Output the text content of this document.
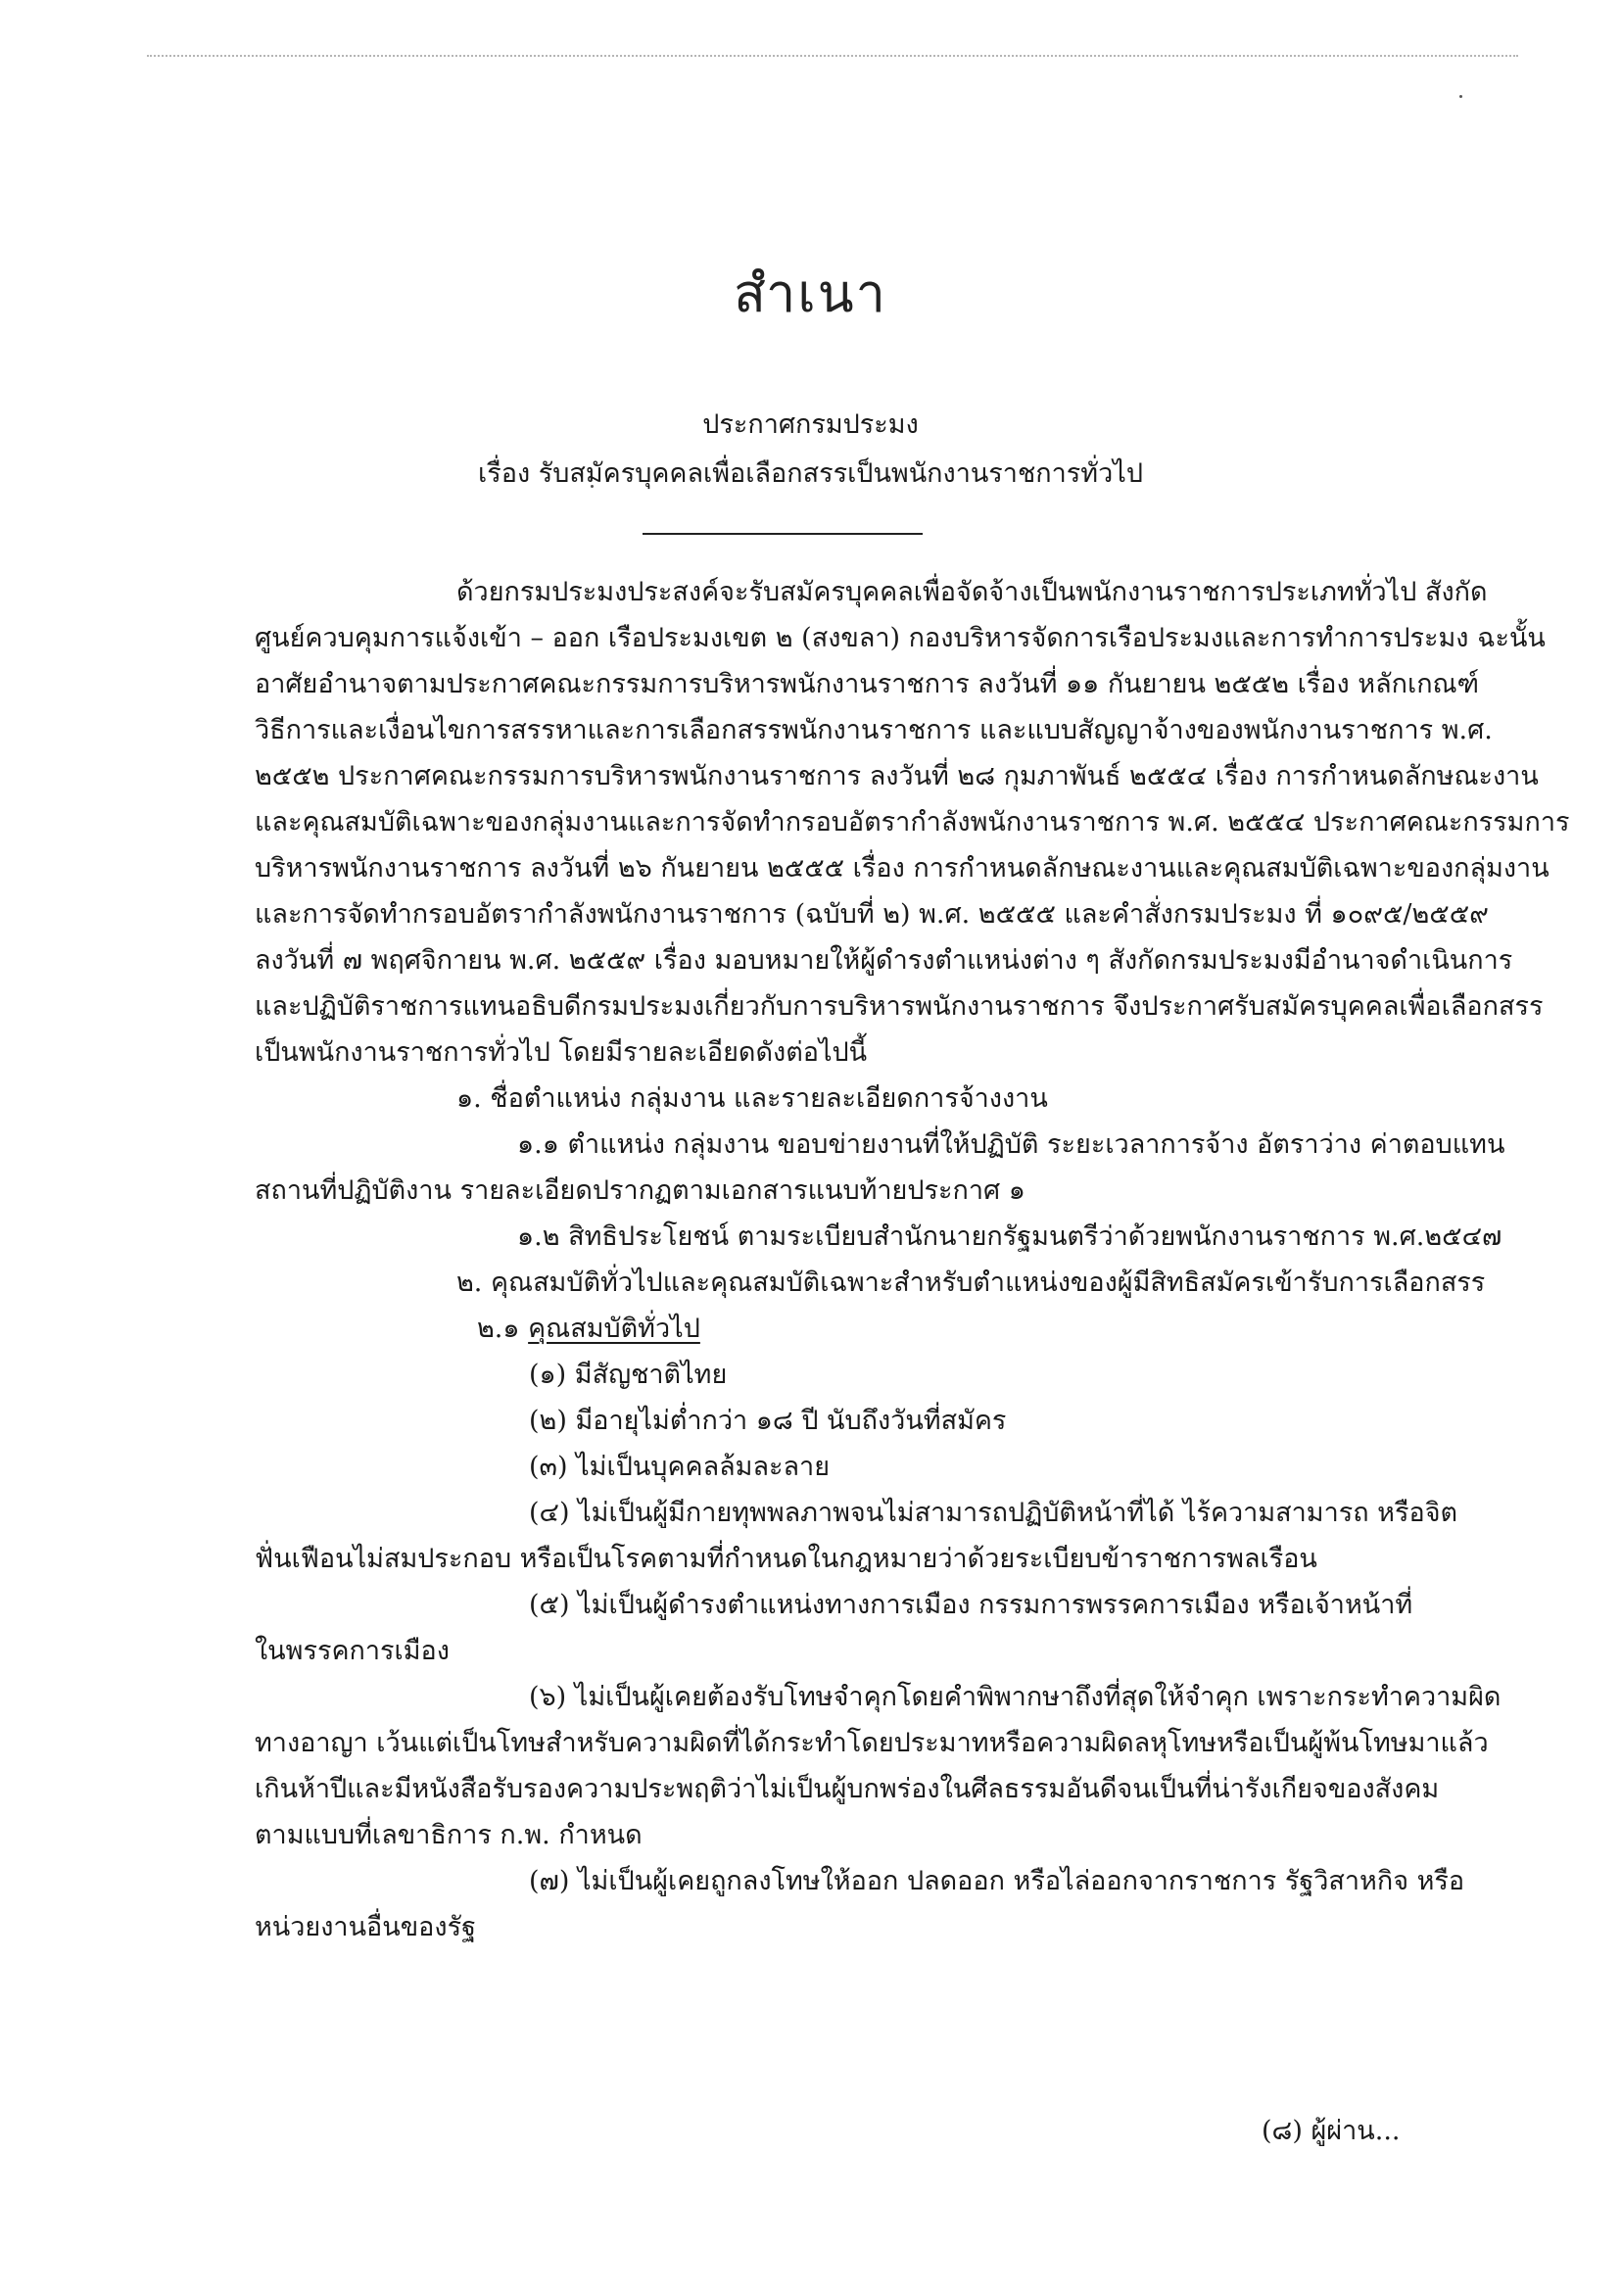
สำเนา
ประกาศกรมประมง
เรื่อง รับสมัครบุคคลเพื่อเลือกสรรเป็นพนักงานราชการทั่วไป
ด้วยกรมประมงประสงค์จะรับสมัครบุคคลเพื่อจัดจ้างเป็นพนักงานราชการประเภททั่วไป สังกัด
ศูนย์ควบคุมการแจ้งเข้า – ออก เรือประมงเขต ๒ (สงขลา) กองบริหารจัดการเรือประมงและการทำการประมง ฉะนั้น
อาศัยอำนาจตามประกาศคณะกรรมการบริหารพนักงานราชการ ลงวันที่ ๑๑ กันยายน ๒๕๕๒ เรื่อง หลักเกณฑ์
วิธีการและเงื่อนไขการสรรหาและการเลือกสรรพนักงานราชการ และแบบสัญญาจ้างของพนักงานราชการ พ.ศ.
๒๕๕๒ ประกาศคณะกรรมการบริหารพนักงานราชการ ลงวันที่ ๒๘ กุมภาพันธ์ ๒๕๕๔ เรื่อง การกำหนดลักษณะงาน
และคุณสมบัติเฉพาะของกลุ่มงานและการจัดทำกรอบอัตรากำลังพนักงานราชการ พ.ศ. ๒๕๕๔ ประกาศคณะกรรมการ
บริหารพนักงานราชการ ลงวันที่ ๒๖ กันยายน ๒๕๕๕ เรื่อง การกำหนดลักษณะงานและคุณสมบัติเฉพาะของกลุ่มงาน
และการจัดทำกรอบอัตรากำลังพนักงานราชการ (ฉบับที่ ๒) พ.ศ. ๒๕๕๕ และคำสั่งกรมประมง ที่ ๑๐๙๕/๒๕๕๙
ลงวันที่ ๗ พฤศจิกายน พ.ศ. ๒๕๕๙ เรื่อง มอบหมายให้ผู้ดำรงตำแหน่งต่าง ๆ สังกัดกรมประมงมีอำนาจดำเนินการ
และปฏิบัติราชการแทนอธิบดีกรมประมงเกี่ยวกับการบริหารพนักงานราชการ จึงประกาศรับสมัครบุคคลเพื่อเลือกสรร
เป็นพนักงานราชการทั่วไป โดยมีรายละเอียดดังต่อไปนี้
๑. ชื่อตำแหน่ง กลุ่มงาน และรายละเอียดการจ้างงาน
๑.๑ ตำแหน่ง กลุ่มงาน ขอบข่ายงานที่ให้ปฏิบัติ ระยะเวลาการจ้าง อัตราว่าง ค่าตอบแทน
สถานที่ปฏิบัติงาน รายละเอียดปรากฏตามเอกสารแนบท้ายประกาศ ๑
๑.๒ สิทธิประโยชน์ ตามระเบียบสำนักนายกรัฐมนตรีว่าด้วยพนักงานราชการ พ.ศ.๒๕๔๗
๒. คุณสมบัติทั่วไปและคุณสมบัติเฉพาะสำหรับตำแหน่งของผู้มีสิทธิสมัครเข้ารับการเลือกสรร
๒.๑ คุณสมบัติทั่วไป
(๑) มีสัญชาติไทย
(๒) มีอายุไม่ต่ำกว่า ๑๘ ปี นับถึงวันที่สมัคร
(๓) ไม่เป็นบุคคลล้มละลาย
(๔) ไม่เป็นผู้มีกายทุพพลภาพจนไม่สามารถปฏิบัติหน้าที่ได้ ไร้ความสามารถ หรือจิต
ฟั่นเฟือนไม่สมประกอบ หรือเป็นโรคตามที่กำหนดในกฎหมายว่าด้วยระเบียบข้าราชการพลเรือน
(๕) ไม่เป็นผู้ดำรงตำแหน่งทางการเมือง กรรมการพรรคการเมือง หรือเจ้าหน้าที่
ในพรรคการเมือง
(๖) ไม่เป็นผู้เคยต้องรับโทษจำคุกโดยคำพิพากษาถึงที่สุดให้จำคุก เพราะกระทำความผิด
ทางอาญา เว้นแต่เป็นโทษสำหรับความผิดที่ได้กระทำโดยประมาทหรือความผิดลหุโทษหรือเป็นผู้พ้นโทษมาแล้ว
เกินห้าปีและมีหนังสือรับรองความประพฤติว่าไม่เป็นผู้บกพร่องในศีลธรรมอันดีจนเป็นที่น่ารังเกียจของสังคม
ตามแบบที่เลขาธิการ ก.พ. กำหนด
(๗) ไม่เป็นผู้เคยถูกลงโทษให้ออก ปลดออก หรือไล่ออกจากราชการ รัฐวิสาหกิจ หรือ
หน่วยงานอื่นของรัฐ
(๘) ผู้ผ่าน...
